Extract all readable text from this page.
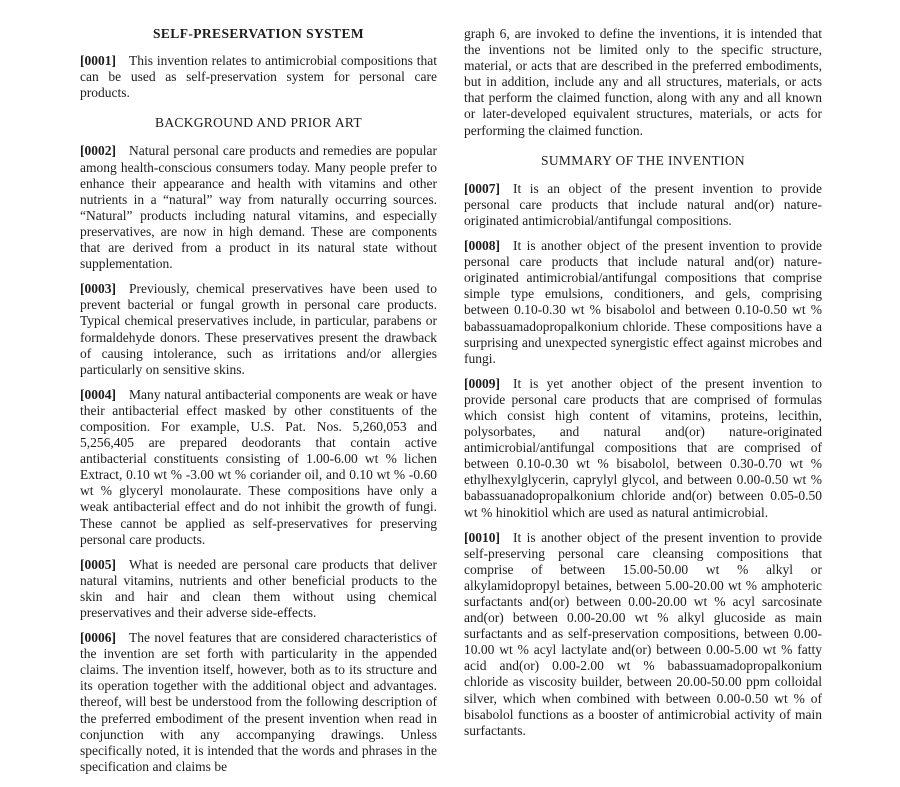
SELF-PRESERVATION SYSTEM
[0001] This invention relates to antimicrobial compositions that can be used as self-preservation system for personal care products.
BACKGROUND AND PRIOR ART
[0002] Natural personal care products and remedies are popular among health-conscious consumers today. Many people prefer to enhance their appearance and health with vitamins and other nutrients in a “natural” way from naturally occurring sources. “Natural” products including natural vitamins, and especially preservatives, are now in high demand. These are components that are derived from a product in its natural state without supplementation.
[0003] Previously, chemical preservatives have been used to prevent bacterial or fungal growth in personal care products. Typical chemical preservatives include, in particular, parabens or formaldehyde donors. These preservatives present the drawback of causing intolerance, such as irritations and/or allergies particularly on sensitive skins.
[0004] Many natural antibacterial components are weak or have their antibacterial effect masked by other constituents of the composition. For example, U.S. Pat. Nos. 5,260,053 and 5,256,405 are prepared deodorants that contain active antibacterial constituents consisting of 1.00-6.00 wt % lichen Extract, 0.10 wt % -3.00 wt % coriander oil, and 0.10 wt % -0.60 wt % glyceryl monolaurate. These compositions have only a weak antibacterial effect and do not inhibit the growth of fungi. These cannot be applied as self-preservatives for preserving personal care products.
[0005] What is needed are personal care products that deliver natural vitamins, nutrients and other beneficial products to the skin and hair and clean them without using chemical preservatives and their adverse side-effects.
[0006] The novel features that are considered characteristics of the invention are set forth with particularity in the appended claims. The invention itself, however, both as to its structure and its operation together with the additional object and advantages. thereof, will best be understood from the following description of the preferred embodiment of the present invention when read in conjunction with any accompanying drawings. Unless specifically noted, it is intended that the words and phrases in the specification and claims be
graph 6, are invoked to define the inventions, it is intended that the inventions not be limited only to the specific structure, material, or acts that are described in the preferred embodiments, but in addition, include any and all structures, materials, or acts that perform the claimed function, along with any and all known or later-developed equivalent structures, materials, or acts for performing the claimed function.
SUMMARY OF THE INVENTION
[0007] It is an object of the present invention to provide personal care products that include natural and(or) nature-originated antimicrobial/antifungal compositions.
[0008] It is another object of the present invention to provide personal care products that include natural and(or) nature-originated antimicrobial/antifungal compositions that comprise simple type emulsions, conditioners, and gels, comprising between 0.10-0.30 wt % bisabolol and between 0.10-0.50 wt % babassuamadopropalkonium chloride. These compositions have a surprising and unexpected synergistic effect against microbes and fungi.
[0009] It is yet another object of the present invention to provide personal care products that are comprised of formulas which consist high content of vitamins, proteins, lecithin, polysorbates, and natural and(or) nature-originated antimicrobial/antifungal compositions that are comprised of between 0.10-0.30 wt % bisabolol, between 0.30-0.70 wt % ethylhexylglycerin, caprylyl glycol, and between 0.00-0.50 wt % babassuanadopropalkonium chloride and(or) between 0.05-0.50 wt % hinokitiol which are used as natural antimicrobial.
[0010] It is another object of the present invention to provide self-preserving personal care cleansing compositions that comprise of between 15.00-50.00 wt % alkyl or alkylamidopropyl betaines, between 5.00-20.00 wt % amphoteric surfactants and(or) between 0.00-20.00 wt % acyl sarcosinate and(or) between 0.00-20.00 wt % alkyl glucoside as main surfactants and as self-preservation compositions, between 0.00-10.00 wt % acyl lactylate and(or) between 0.00-5.00 wt % fatty acid and(or) 0.00-2.00 wt % babassuamadopropalkonium chloride as viscosity builder, between 20.00-50.00 ppm colloidal silver, which when combined with between 0.00-0.50 wt % of bisabolol functions as a booster of antimicrobial activity of main surfactants.
